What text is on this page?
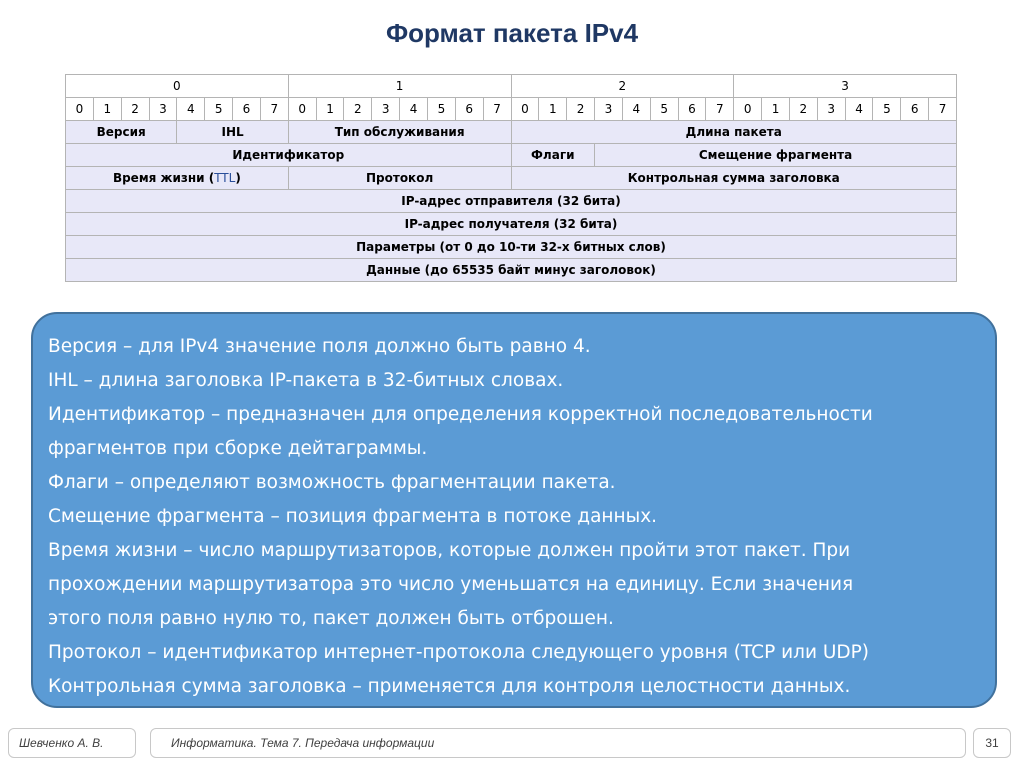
Формат пакета IPv4
0								1								2								3							
0	1	2	3	4	5	6	7	0	1	2	3	4	5	6	7	0	1	2	3	4	5	6	7	0	1	2	3	4	5	6	7
Версия				IHL				Тип обслуживания								Длина пакета															
Идентификатор																Флаги			Смещение фрагмента												
Время жизни (TTL)								Протокол								Контрольная сумма заголовка															
IP-адрес отправителя (32 бита)																															
IP-адрес получателя (32 бита)																															
Параметры (от 0 до 10-ти 32-х битных слов)																															
Данные (до 65535 байт минус заголовок)																															

Версия – для IPv4 значение поля должно быть равно 4.

IHL – длина заголовка IP-пакета в 32-битных словах.

Идентификатор – предназначен для определения корректной последовательности

фрагментов при сборке дейтаграммы.

Флаги – определяют возможность фрагментации пакета.

Смещение фрагмента – позиция фрагмента в потоке данных.

Время жизни – число маршрутизаторов, которые должен пройти этот пакет. При

прохождении маршрутизатора это число уменьшатся на единицу. Если значения

этого поля равно нулю то, пакет должен быть отброшен.

Протокол – идентификатор интернет-протокола следующего уровня (TCP или UDP)

Контрольная сумма заголовка – применяется для контроля целостности данных.

Шевченко А. В.	Информатика. Тема 7. Передача информации	31
